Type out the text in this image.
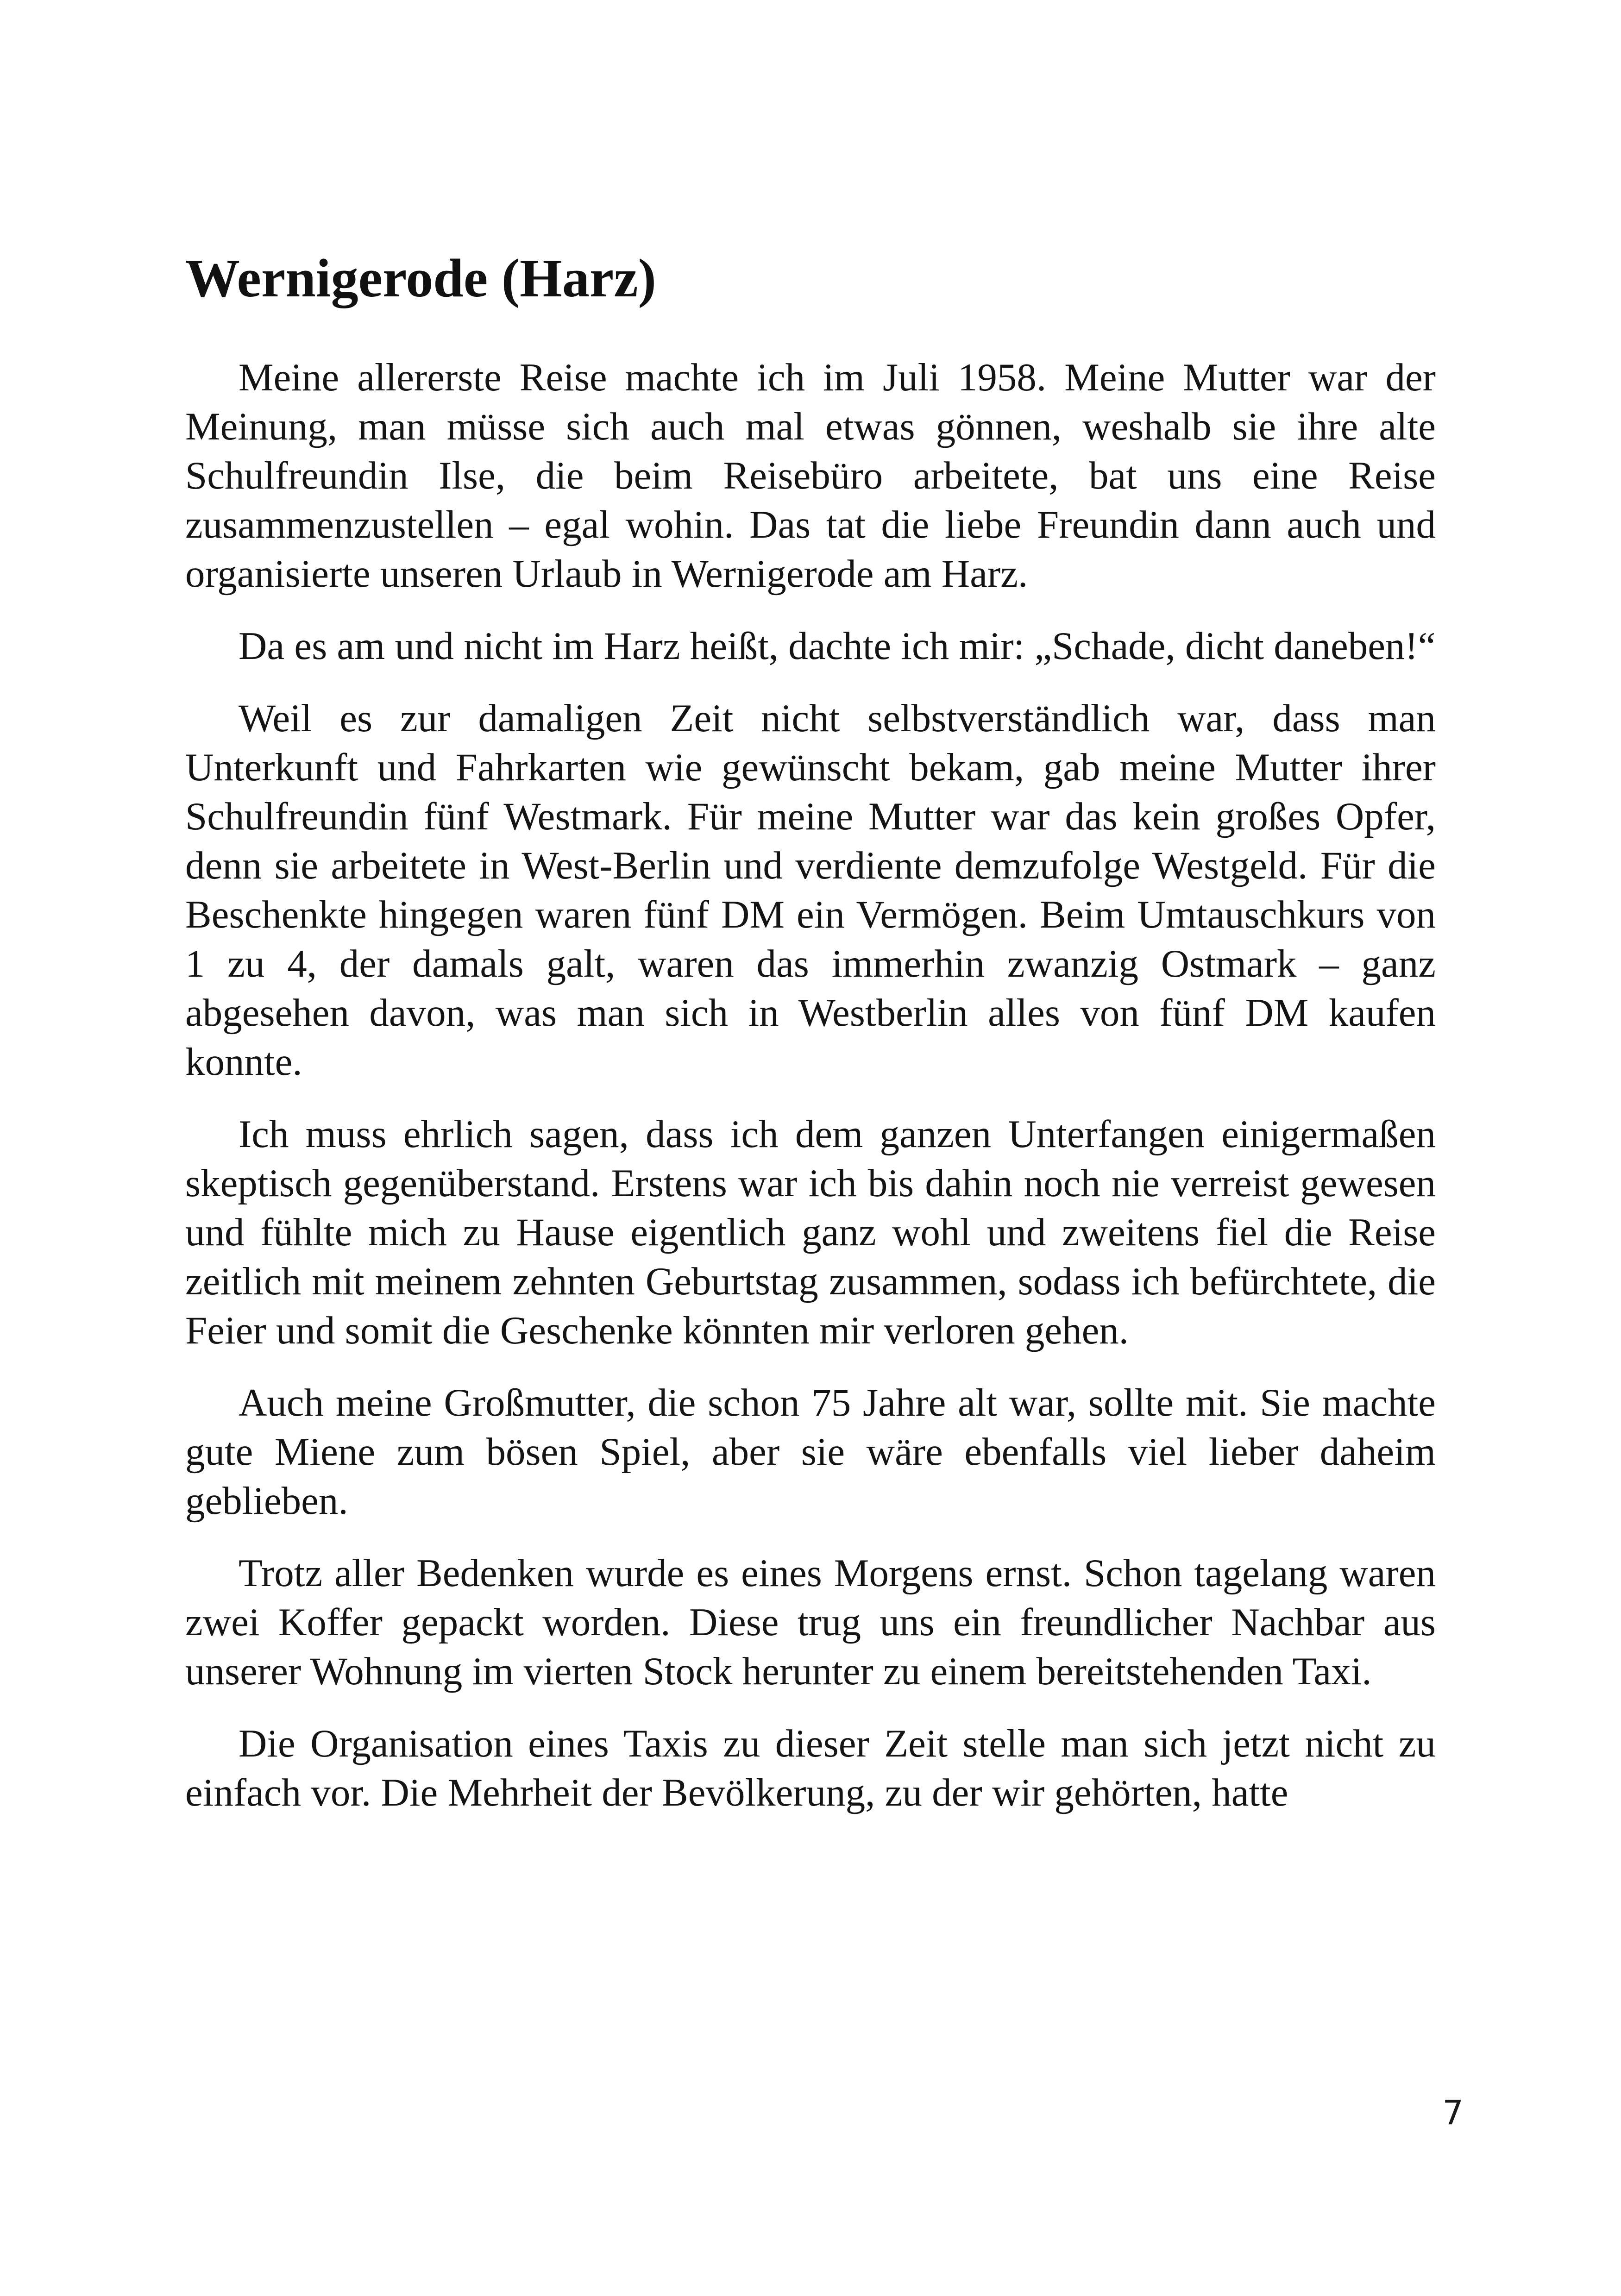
Wernigerode (Harz)

Meine allererste Reise machte ich im Juli 1958. Meine Mutter war der Meinung, man müsse sich auch mal etwas gönnen, weshalb sie ihre alte Schulfreundin Ilse, die beim Reisebüro arbeitete, bat uns eine Reise zusammenzustellen – egal wohin. Das tat die liebe Freundin dann auch und organisierte unseren Urlaub in Wernigerode am Harz.

Da es am und nicht im Harz heißt, dachte ich mir: „Schade, dicht daneben!“

Weil es zur damaligen Zeit nicht selbstverständlich war, dass man Unterkunft und Fahrkarten wie gewünscht bekam, gab meine Mutter ihrer Schulfreundin fünf Westmark. Für meine Mutter war das kein großes Opfer, denn sie arbeitete in West-Berlin und verdiente demzufolge Westgeld. Für die Beschenkte hingegen waren fünf DM ein Vermögen. Beim Umtauschkurs von 1 zu 4, der damals galt, waren das immerhin zwanzig Ostmark – ganz abgesehen davon, was man sich in Westberlin alles von fünf DM kaufen konnte.

Ich muss ehrlich sagen, dass ich dem ganzen Unterfangen einigermaßen skeptisch gegenüberstand. Erstens war ich bis dahin noch nie verreist gewesen und fühlte mich zu Hause eigentlich ganz wohl und zweitens fiel die Reise zeitlich mit meinem zehnten Geburtstag zusammen, sodass ich befürchtete, die Feier und somit die Geschenke könnten mir verloren gehen.

Auch meine Großmutter, die schon 75 Jahre alt war, sollte mit. Sie machte gute Miene zum bösen Spiel, aber sie wäre ebenfalls viel lieber daheim geblieben.

Trotz aller Bedenken wurde es eines Morgens ernst. Schon tagelang waren zwei Koffer gepackt worden. Diese trug uns ein freundlicher Nachbar aus unserer Wohnung im vierten Stock herunter zu einem bereitstehenden Taxi.

Die Organisation eines Taxis zu dieser Zeit stelle man sich jetzt nicht zu einfach vor. Die Mehrheit der Bevölkerung, zu der wir gehörten, hatte

7
